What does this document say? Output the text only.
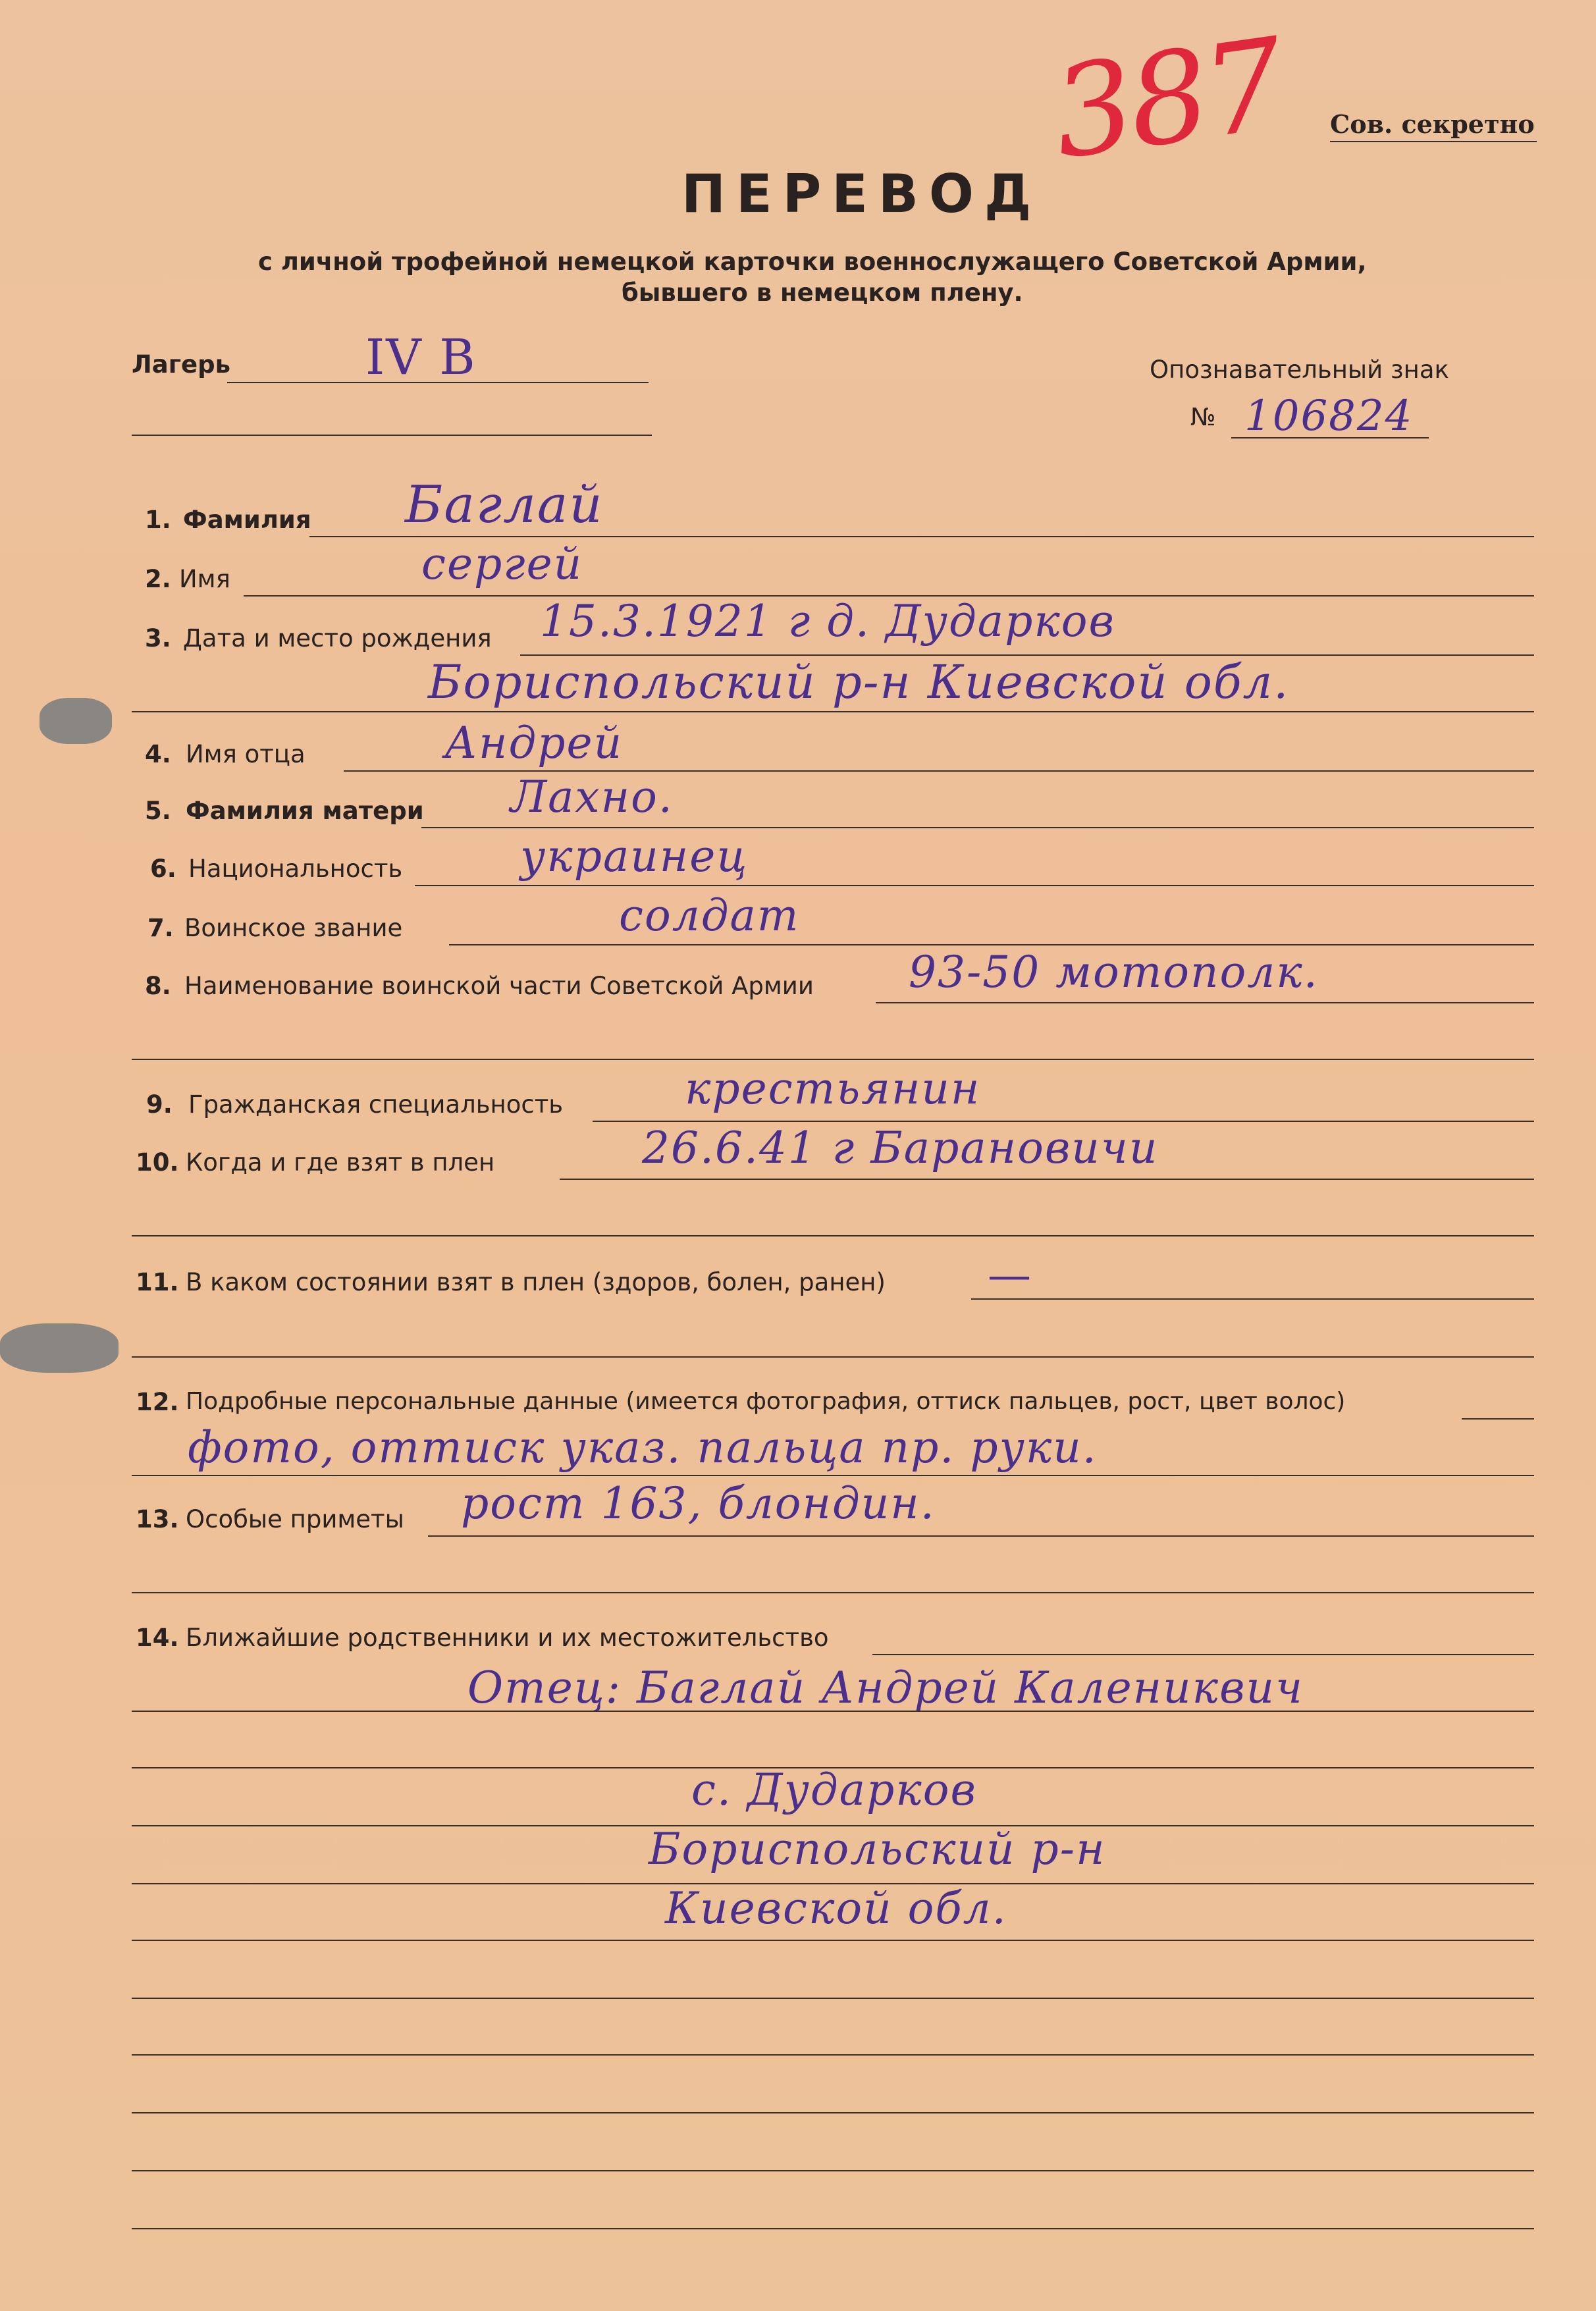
387 Сов. секретно
ПЕРЕВОД
с личной трофейной немецкой карточки военнослужащего Советской Армии,
бывшего в немецком плену.
Лагерь	IV B	Опознавательный знак
№ 106824
1. Фамилия Баглай
2. Имя	сергей
3. Дата и место рождения 15.3.1921 г д. Дударков
Бориспольский р-н Киевской обл.
4. Имя отца	Андрей
5. Фамилия матери Лахно.
6. Национальность	украинец
7. Воинское звание	солдат
8. Наименование воинской части Советской Армии 93-50 мотополк.
9. Гражданская специальность	крестьянин
10. Когда и где взят в плен	26.6.41 г Барановичи
11. В каком состоянии взят в плен (здоров, болен, ранен) —
12. Подробные персональные данные (имеется фотография, оттиск пальцев, рост, цвет волос)
фото, оттиск указ. пальца пр. руки.
13. Особые приметы рост 163, блондин.
14. Ближайшие родственники и их местожительство
Отец: Баглай Андрей Калениквич
с. Дударков
Бориспольский р-н
Киевской обл.
